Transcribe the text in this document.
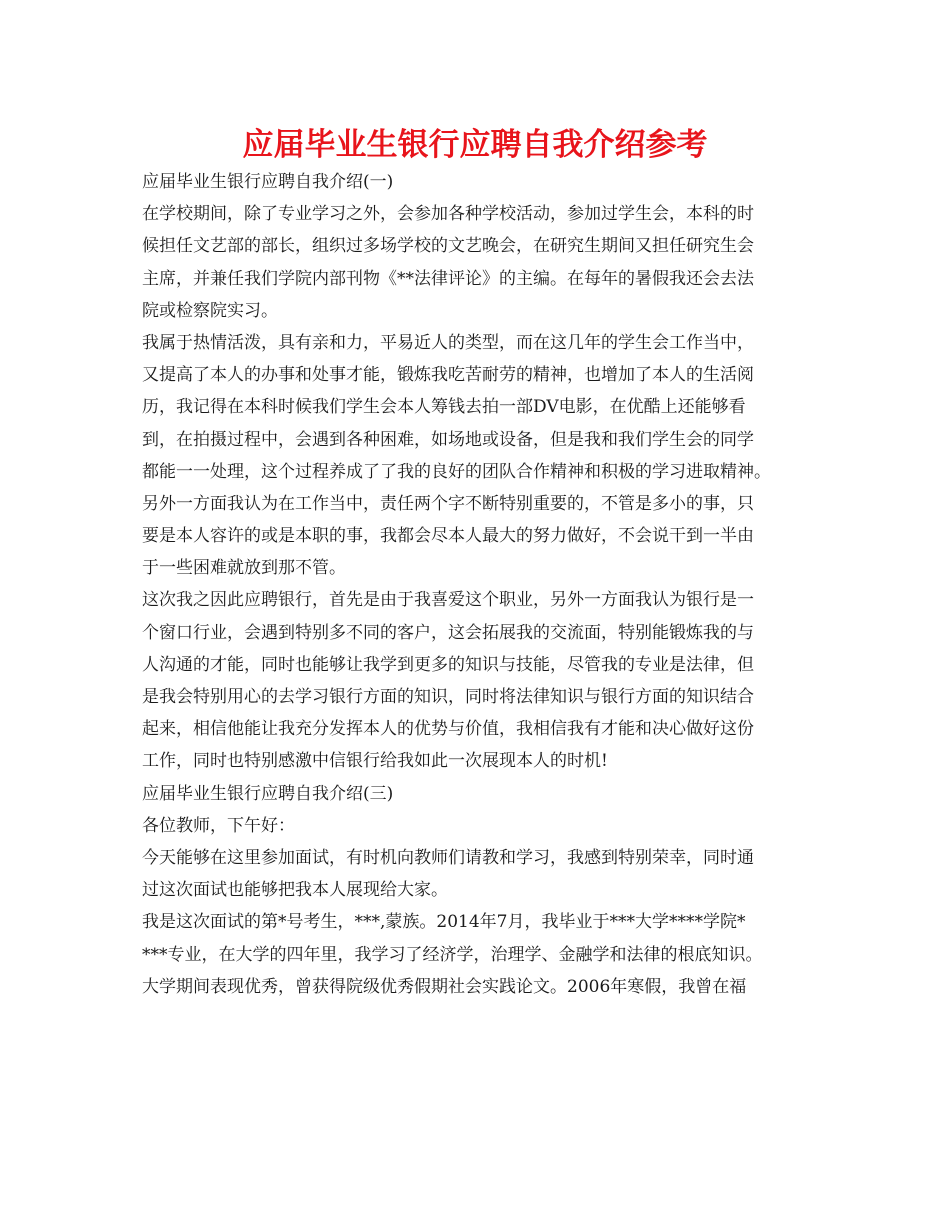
应届毕业生银行应聘自我介绍参考

应届毕业生银行应聘自我介绍(一)

在学校期间，除了专业学习之外，会参加各种学校活动，参加过学生会，本科的时

候担任文艺部的部长，组织过多场学校的文艺晚会，在研究生期间又担任研究生会

主席，并兼任我们学院内部刊物《**法律评论》的主编。在每年的暑假我还会去法

院或检察院实习。

我属于热情活泼，具有亲和力，平易近人的类型，而在这几年的学生会工作当中，

又提高了本人的办事和处事才能，锻炼我吃苦耐劳的精神，也增加了本人的生活阅

历，我记得在本科时候我们学生会本人筹钱去拍一部DV电影，在优酷上还能够看

到，在拍摄过程中，会遇到各种困难，如场地或设备，但是我和我们学生会的同学

都能一一处理，这个过程养成了了我的良好的团队合作精神和积极的学习进取精神。

另外一方面我认为在工作当中，责任两个字不断特别重要的，不管是多小的事，只

要是本人容许的或是本职的事，我都会尽本人最大的努力做好，不会说干到一半由

于一些困难就放到那不管。

这次我之因此应聘银行，首先是由于我喜爱这个职业，另外一方面我认为银行是一

个窗口行业，会遇到特别多不同的客户，这会拓展我的交流面，特别能锻炼我的与

人沟通的才能，同时也能够让我学到更多的知识与技能，尽管我的专业是法律，但

是我会特别用心的去学习银行方面的知识，同时将法律知识与银行方面的知识结合

起来，相信他能让我充分发挥本人的优势与价值，我相信我有才能和决心做好这份

工作，同时也特别感激中信银行给我如此一次展现本人的时机!

应届毕业生银行应聘自我介绍(三)

各位教师，下午好：

今天能够在这里参加面试，有时机向教师们请教和学习，我感到特别荣幸，同时通

过这次面试也能够把我本人展现给大家。

我是这次面试的第*号考生，***,蒙族。2014年7月，我毕业于***大学****学院*

***专业，在大学的四年里，我学习了经济学，治理学、金融学和法律的根底知识。

大学期间表现优秀，曾获得院级优秀假期社会实践论文。2006年寒假，我曾在福
